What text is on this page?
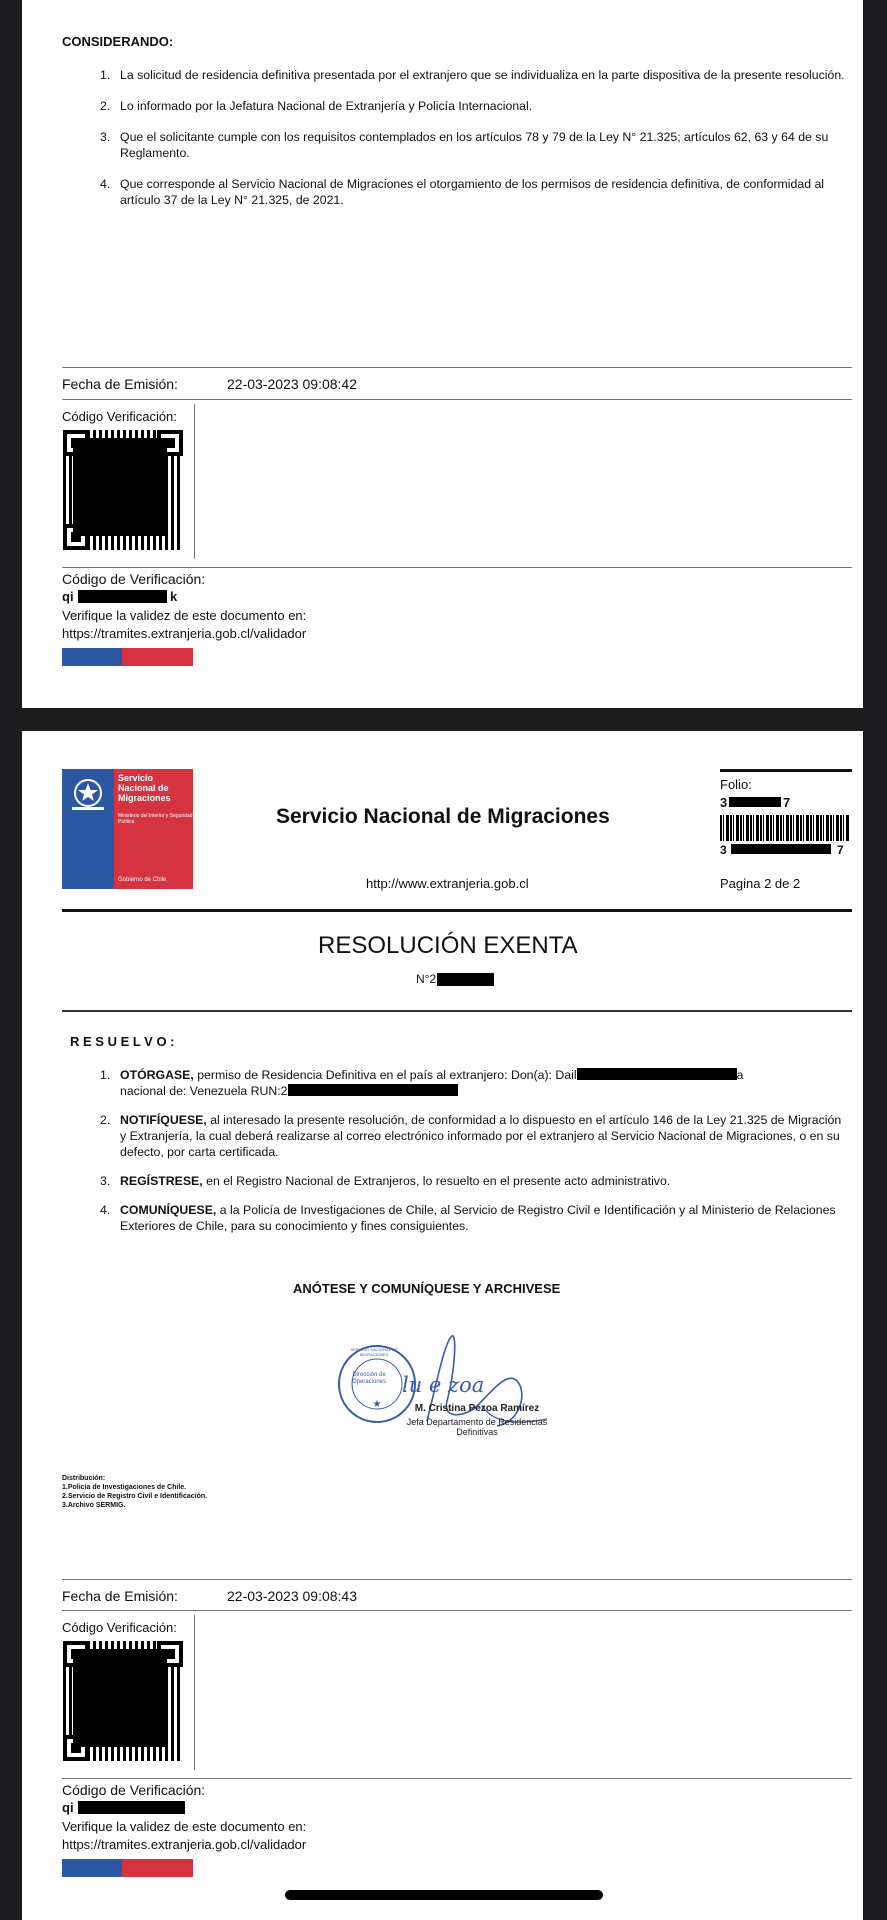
CONSIDERANDO:
1. La solicitud de residencia definitiva presentada por el extranjero que se individualiza en la parte dispositiva de la presente resolución.
2. Lo informado por la Jefatura Nacional de Extranjería y Policía Internacional.
3. Que el solicitante cumple con los requisitos contemplados en los artículos 78 y 79 de la Ley N° 21.325; artículos 62, 63 y 64 de su Reglamento.
4. Que corresponde al Servicio Nacional de Migraciones el otorgamiento de los permisos de residencia definitiva, de conformidad al artículo 37 de la Ley N° 21.325, de 2021.
Fecha de Emisión:	22-03-2023 09:08:42
Código Verificación:
Código de Verificación:
qi	k
Verifique la validez de este documento en:
https://tramites.extranjeria.gob.cl/validador
Servicio Nacional de Migraciones
Ministerio del Interior y Seguridad Pública
Gobierno de Chile
Servicio Nacional de Migraciones
http://www.extranjeria.gob.cl
Folio:
3	7
3	7
Pagina 2 de 2
RESOLUCIÓN EXENTA
N°2
R E S U E L V O :
1. OTÓRGASE, permiso de Residencia Definitiva en el país al extranjero: Don(a): Dail	a
nacional de: Venezuela RUN:2
2. NOTIFÍQUESE, al interesado la presente resolución, de conformidad a lo dispuesto en el artículo 146 de la Ley 21.325 de Migración y Extranjería, la cual deberá realizarse al correo electrónico informado por el extranjero al Servicio Nacional de Migraciones, o en su defecto, por carta certificada.
3. REGÍSTRESE, en el Registro Nacional de Extranjeros, lo resuelto en el presente acto administrativo.
4. COMUNÍQUESE, a la Policía de Investigaciones de Chile, al Servicio de Registro Civil e Identificación y al Ministerio de Relaciones Exteriores de Chile, para su conocimiento y fines consiguientes.
ANÓTESE Y COMUNÍQUESE Y ARCHIVESE
★
Dirección de Operaciones
SERVICIO NACIONAL DE MIGRACIONES
lu e zoa
M. Cristina Pezoa Ramírez
Jefa Departamento de Residencias Definitivas
Distribución:
1.Policía de Investigaciones de Chile.
2.Servicio de Registro Civil e Identificación.
3.Archivo SERMIG.
Fecha de Emisión:	22-03-2023 09:08:43
Código Verificación:
Código de Verificación:
qi
Verifique la validez de este documento en:
https://tramites.extranjeria.gob.cl/validador
